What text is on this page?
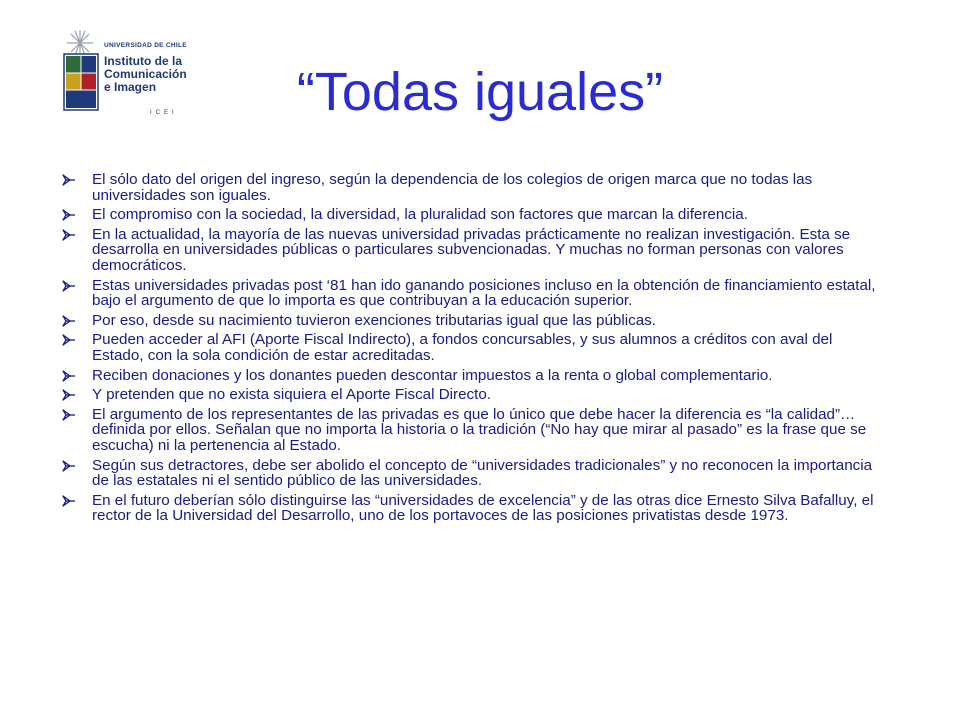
UNIVERSIDAD DE CHILE
Instituto de la
Comunicación
e Imagen
ICEI	“Todas iguales”
El sólo dato del origen del ingreso, según la dependencia de los colegios de origen marca que no todas las universidades son iguales.
El compromiso con la sociedad, la diversidad, la pluralidad son factores que marcan la diferencia.
En la actualidad, la mayoría de las nuevas universidad privadas prácticamente no realizan investigación. Esta se desarrolla en universidades públicas o particulares subvencionadas. Y muchas no forman personas con valores democráticos.
Estas universidades privadas post ‘81 han ido ganando posiciones incluso en la obtención de financiamiento estatal, bajo el argumento de que lo importa es que contribuyan a la educación superior.
Por eso, desde su nacimiento tuvieron exenciones tributarias igual que las públicas.
Pueden acceder al AFI (Aporte Fiscal Indirecto), a fondos concursables, y sus alumnos a créditos con aval del Estado, con la sola condición de estar acreditadas.
Reciben donaciones y los donantes pueden descontar impuestos a la renta o global complementario.
Y pretenden que no exista siquiera el Aporte Fiscal Directo.
El argumento de los representantes de las privadas es que lo único que debe hacer la diferencia es “la calidad”…definida por ellos. Señalan que no importa la historia o la tradición (“No hay que mirar al pasado” es la frase que se escucha) ni la pertenencia al Estado.
Según sus detractores, debe ser abolido el concepto de “universidades tradicionales” y no reconocen la importancia de las estatales ni el sentido público de las universidades.
En el futuro deberían sólo distinguirse las “universidades de excelencia” y de las otras dice Ernesto Silva Bafalluy, el rector de la Universidad del Desarrollo, uno de los portavoces de las posiciones privatistas desde 1973.
